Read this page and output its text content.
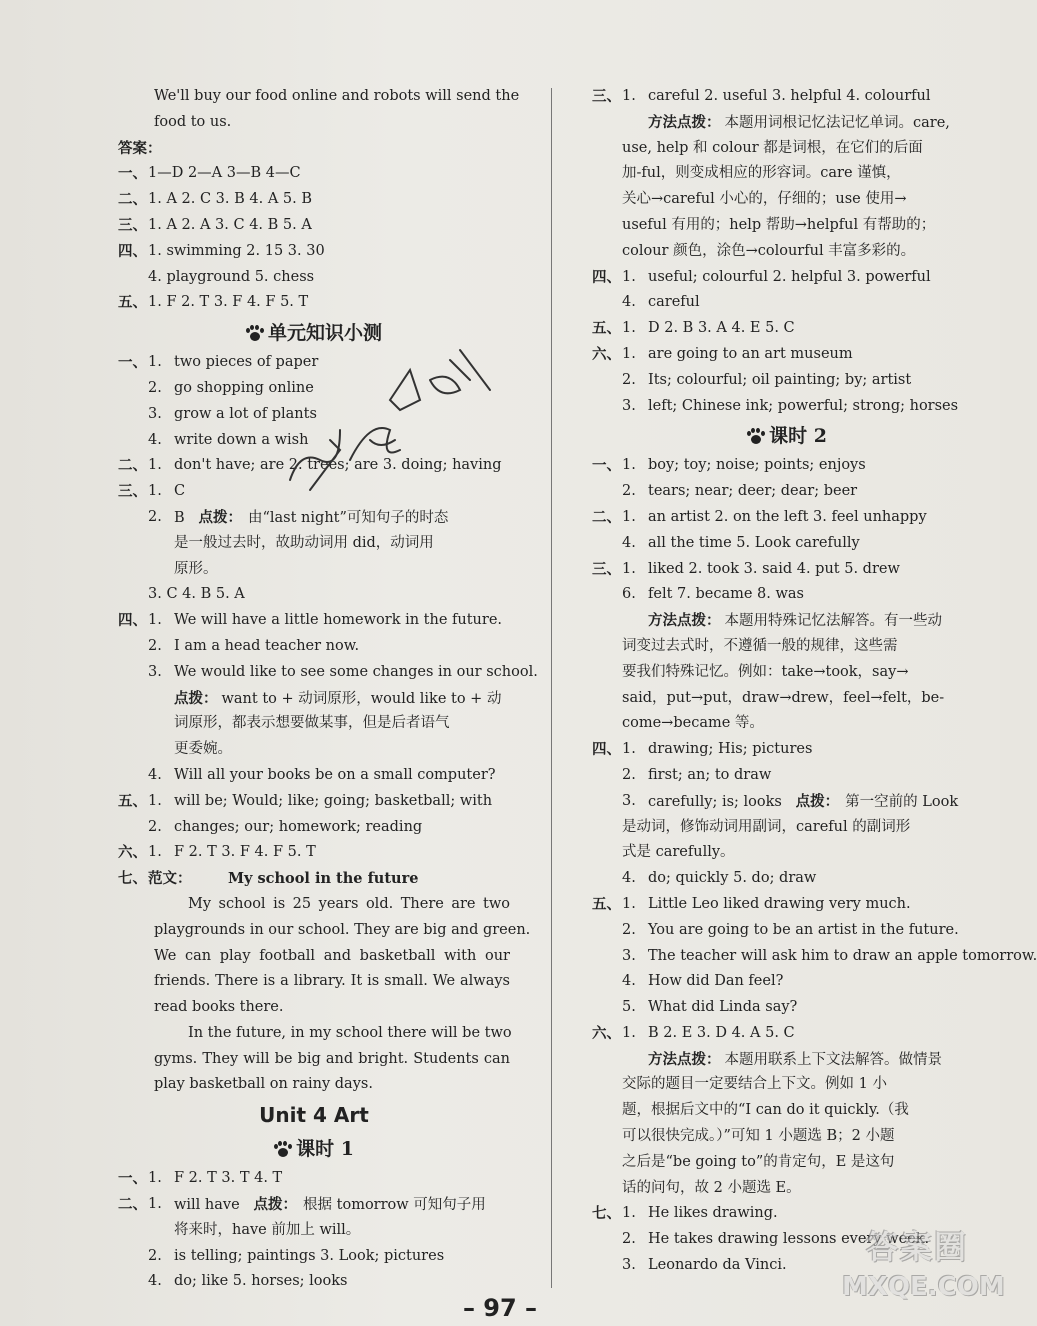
We'll buy our food online and robots will send the
food to us.
答案：
一、 1—D 2—A 3—B 4—C
二、 1. A 2. C 3. B 4. A 5. B
三、 1. A 2. A 3. C 4. B 5. A
四、 1. swimming 2. 15 3. 30
4. playground 5. chess
五、 1. F 2. T 3. F 4. F 5. T
单元知识小测
一、 1. two pieces of paper
2. go shopping online
3. grow a lot of plants
4. write down a wish
二、 1. don't have; are 2. trees; are 3. doing; having
三、 1. C
2. B 点拨： 由“last night”可知句子的时态
是一般过去时，故助动词用 did，动词用
原形。
3. C 4. B 5. A
四、 1. We will have a little homework in the future.
2. I am a head teacher now.
3. We would like to see some changes in our school.
点拨： want to + 动词原形，would like to + 动
词原形，都表示想要做某事，但是后者语气
更委婉。
4. Will all your books be on a small computer?
五、 1. will be; Would; like; going; basketball; with
2. changes; our; homework; reading
六、 1. F 2. T 3. F 4. F 5. T
七、 范文：	My school in the future
My school is 25 years old. There are two
playgrounds in our school. They are big and green.
We can play football and basketball with our
friends. There is a library. It is small. We always
read books there.
In the future, in my school there will be two
gyms. They will be big and bright. Students can
play basketball on rainy days.
Unit 4 Art
课时 1
一、 1. F 2. T 3. T 4. T
二、 1. will have 点拨： 根据 tomorrow 可知句子用
将来时，have 前加上 will。
2. is telling; paintings 3. Look; pictures
4. do; like 5. horses; looks
三、 1. careful 2. useful 3. helpful 4. colourful
方法点拨： 本题用词根记忆法记忆单词。care,
use, help 和 colour 都是词根，在它们的后面
加-ful，则变成相应的形容词。care 谨慎，
关心→careful 小心的，仔细的；use 使用→
useful 有用的；help 帮助→helpful 有帮助的；
colour 颜色，涂色→colourful 丰富多彩的。
四、 1. useful; colourful 2. helpful 3. powerful
4. careful
五、 1. D 2. B 3. A 4. E 5. C
六、 1. are going to an art museum
2. Its; colourful; oil painting; by; artist
3. left; Chinese ink; powerful; strong; horses
课时 2
一、 1. boy; toy; noise; points; enjoys
2. tears; near; deer; dear; beer
二、 1. an artist 2. on the left 3. feel unhappy
4. all the time 5. Look carefully
三、 1. liked 2. took 3. said 4. put 5. drew
6. felt 7. became 8. was
方法点拨： 本题用特殊记忆法解答。有一些动
词变过去式时，不遵循一般的规律，这些需
要我们特殊记忆。例如：take→took，say→
said，put→put，draw→drew，feel→felt，be-
come→became 等。
四、 1. drawing; His; pictures
2. first; an; to draw
3. carefully; is; looks 点拨： 第一空前的 Look
是动词，修饰动词用副词，careful 的副词形
式是 carefully。
4. do; quickly 5. do; draw
五、 1. Little Leo liked drawing very much.
2. You are going to be an artist in the future.
3. The teacher will ask him to draw an apple tomorrow.
4. How did Dan feel?
5. What did Linda say?
六、 1. B 2. E 3. D 4. A 5. C
方法点拨： 本题用联系上下文法解答。做情景
交际的题目一定要结合上下文。例如 1 小
题，根据后文中的“I can do it quickly.（我
可以很快完成。）”可知 1 小题选 B；2 小题
之后是“be going to”的肯定句，E 是这句
话的问句，故 2 小题选 E。
七、 1. He likes drawing.
2. He takes drawing lessons every week.
3. Leonardo da Vinci.
– 97 –
答案圈
MXQE.COM
